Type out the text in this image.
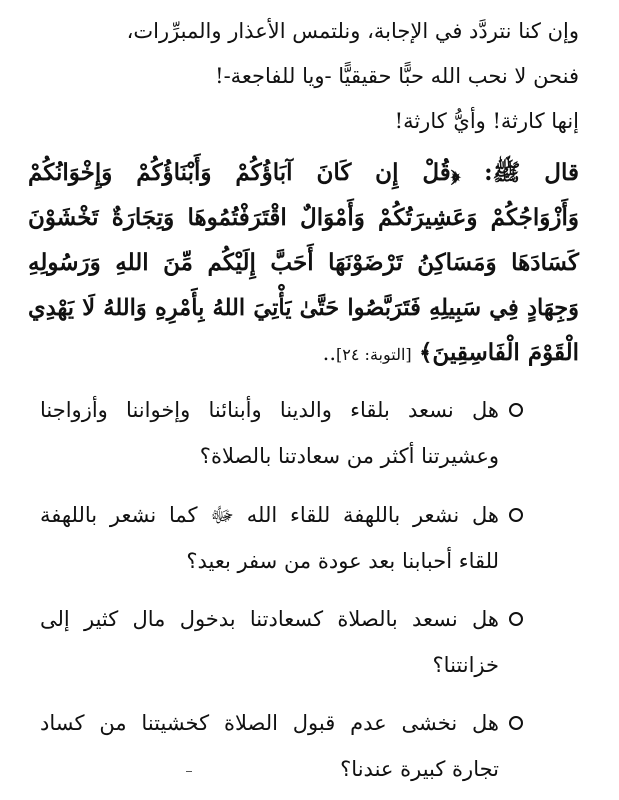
وإن كنا نتردَّد في الإجابة، ونلتمس الأعذار والمبرِّرات،
فنحن لا نحب الله حبًّا حقيقيًّا -ويا للفاجعة-!
إنها كارثة! وأيُّ كارثة!
قال ﷺ: ﴿قُلْ إِن كَانَ آبَاؤُكُمْ وَأَبْنَاؤُكُمْ وَإِخْوَانُكُمْ
وَأَزْوَاجُكُمْ وَعَشِيرَتُكُمْ وَأَمْوَالٌ اقْتَرَفْتُمُوهَا وَتِجَارَةٌ تَخْشَوْنَ
كَسَادَهَا وَمَسَاكِنُ تَرْضَوْنَهَا أَحَبَّ إِلَيْكُم مِّنَ اللهِ وَرَسُولِهِ
وَجِهَادٍ فِي سَبِيلِهِ فَتَرَبَّصُوا حَتَّىٰ يَأْتِيَ اللهُ بِأَمْرِهِ وَاللهُ لَا يَهْدِي
الْقَوْمَ الْفَاسِقِينَ﴾ [التوبة: ٢٤]..
هل نسعد بلقاء والدينا وأبنائنا وإخواننا وأزواجنا
وعشيرتنا أكثر من سعادتنا بالصلاة؟
هل نشعر باللهفة للقاء الله ﷻ كما نشعر باللهفة
للقاء أحبابنا بعد عودة من سفر بعيد؟
هل نسعد بالصلاة كسعادتنا بدخول مال كثير إلى
خزانتنا؟
هل نخشى عدم قبول الصلاة كخشيتنا من كساد
تجارة كبيرة عندنا؟
